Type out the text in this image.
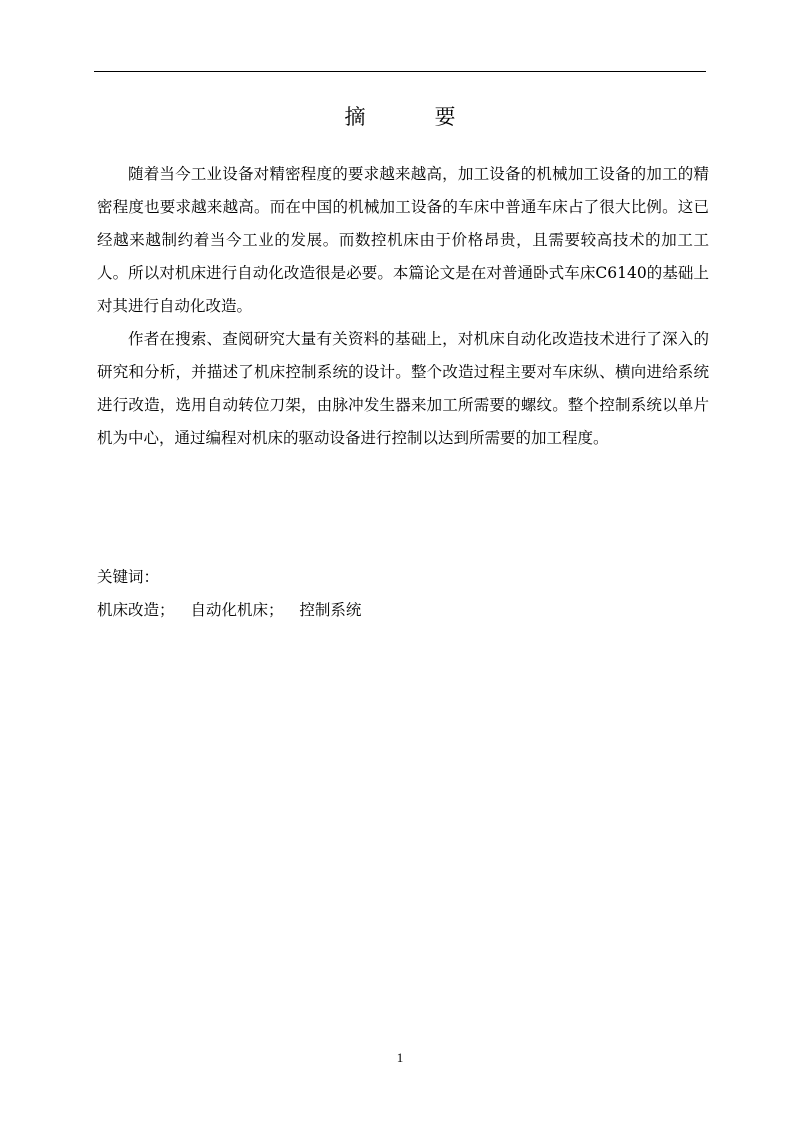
摘　要

随着当今工业设备对精密程度的要求越来越高，加工设备的机械加工设备的加工的精密程度也要求越来越高。而在中国的机械加工设备的车床中普通车床占了很大比例。这已经越来越制约着当今工业的发展。而数控机床由于价格昂贵，且需要较高技术的加工工人。所以对机床进行自动化改造很是必要。本篇论文是在对普通卧式车床C6140的基础上对其进行自动化改造。

作者在搜索、查阅研究大量有关资料的基础上，对机床自动化改造技术进行了深入的研究和分析，并描述了机床控制系统的设计。整个改造过程主要对车床纵、横向进给系统进行改造，选用自动转位刀架，由脉冲发生器来加工所需要的螺纹。整个控制系统以单片机为中心，通过编程对机床的驱动设备进行控制以达到所需要的加工程度。

关键词：

机床改造； 自动化机床； 控制系统

1
